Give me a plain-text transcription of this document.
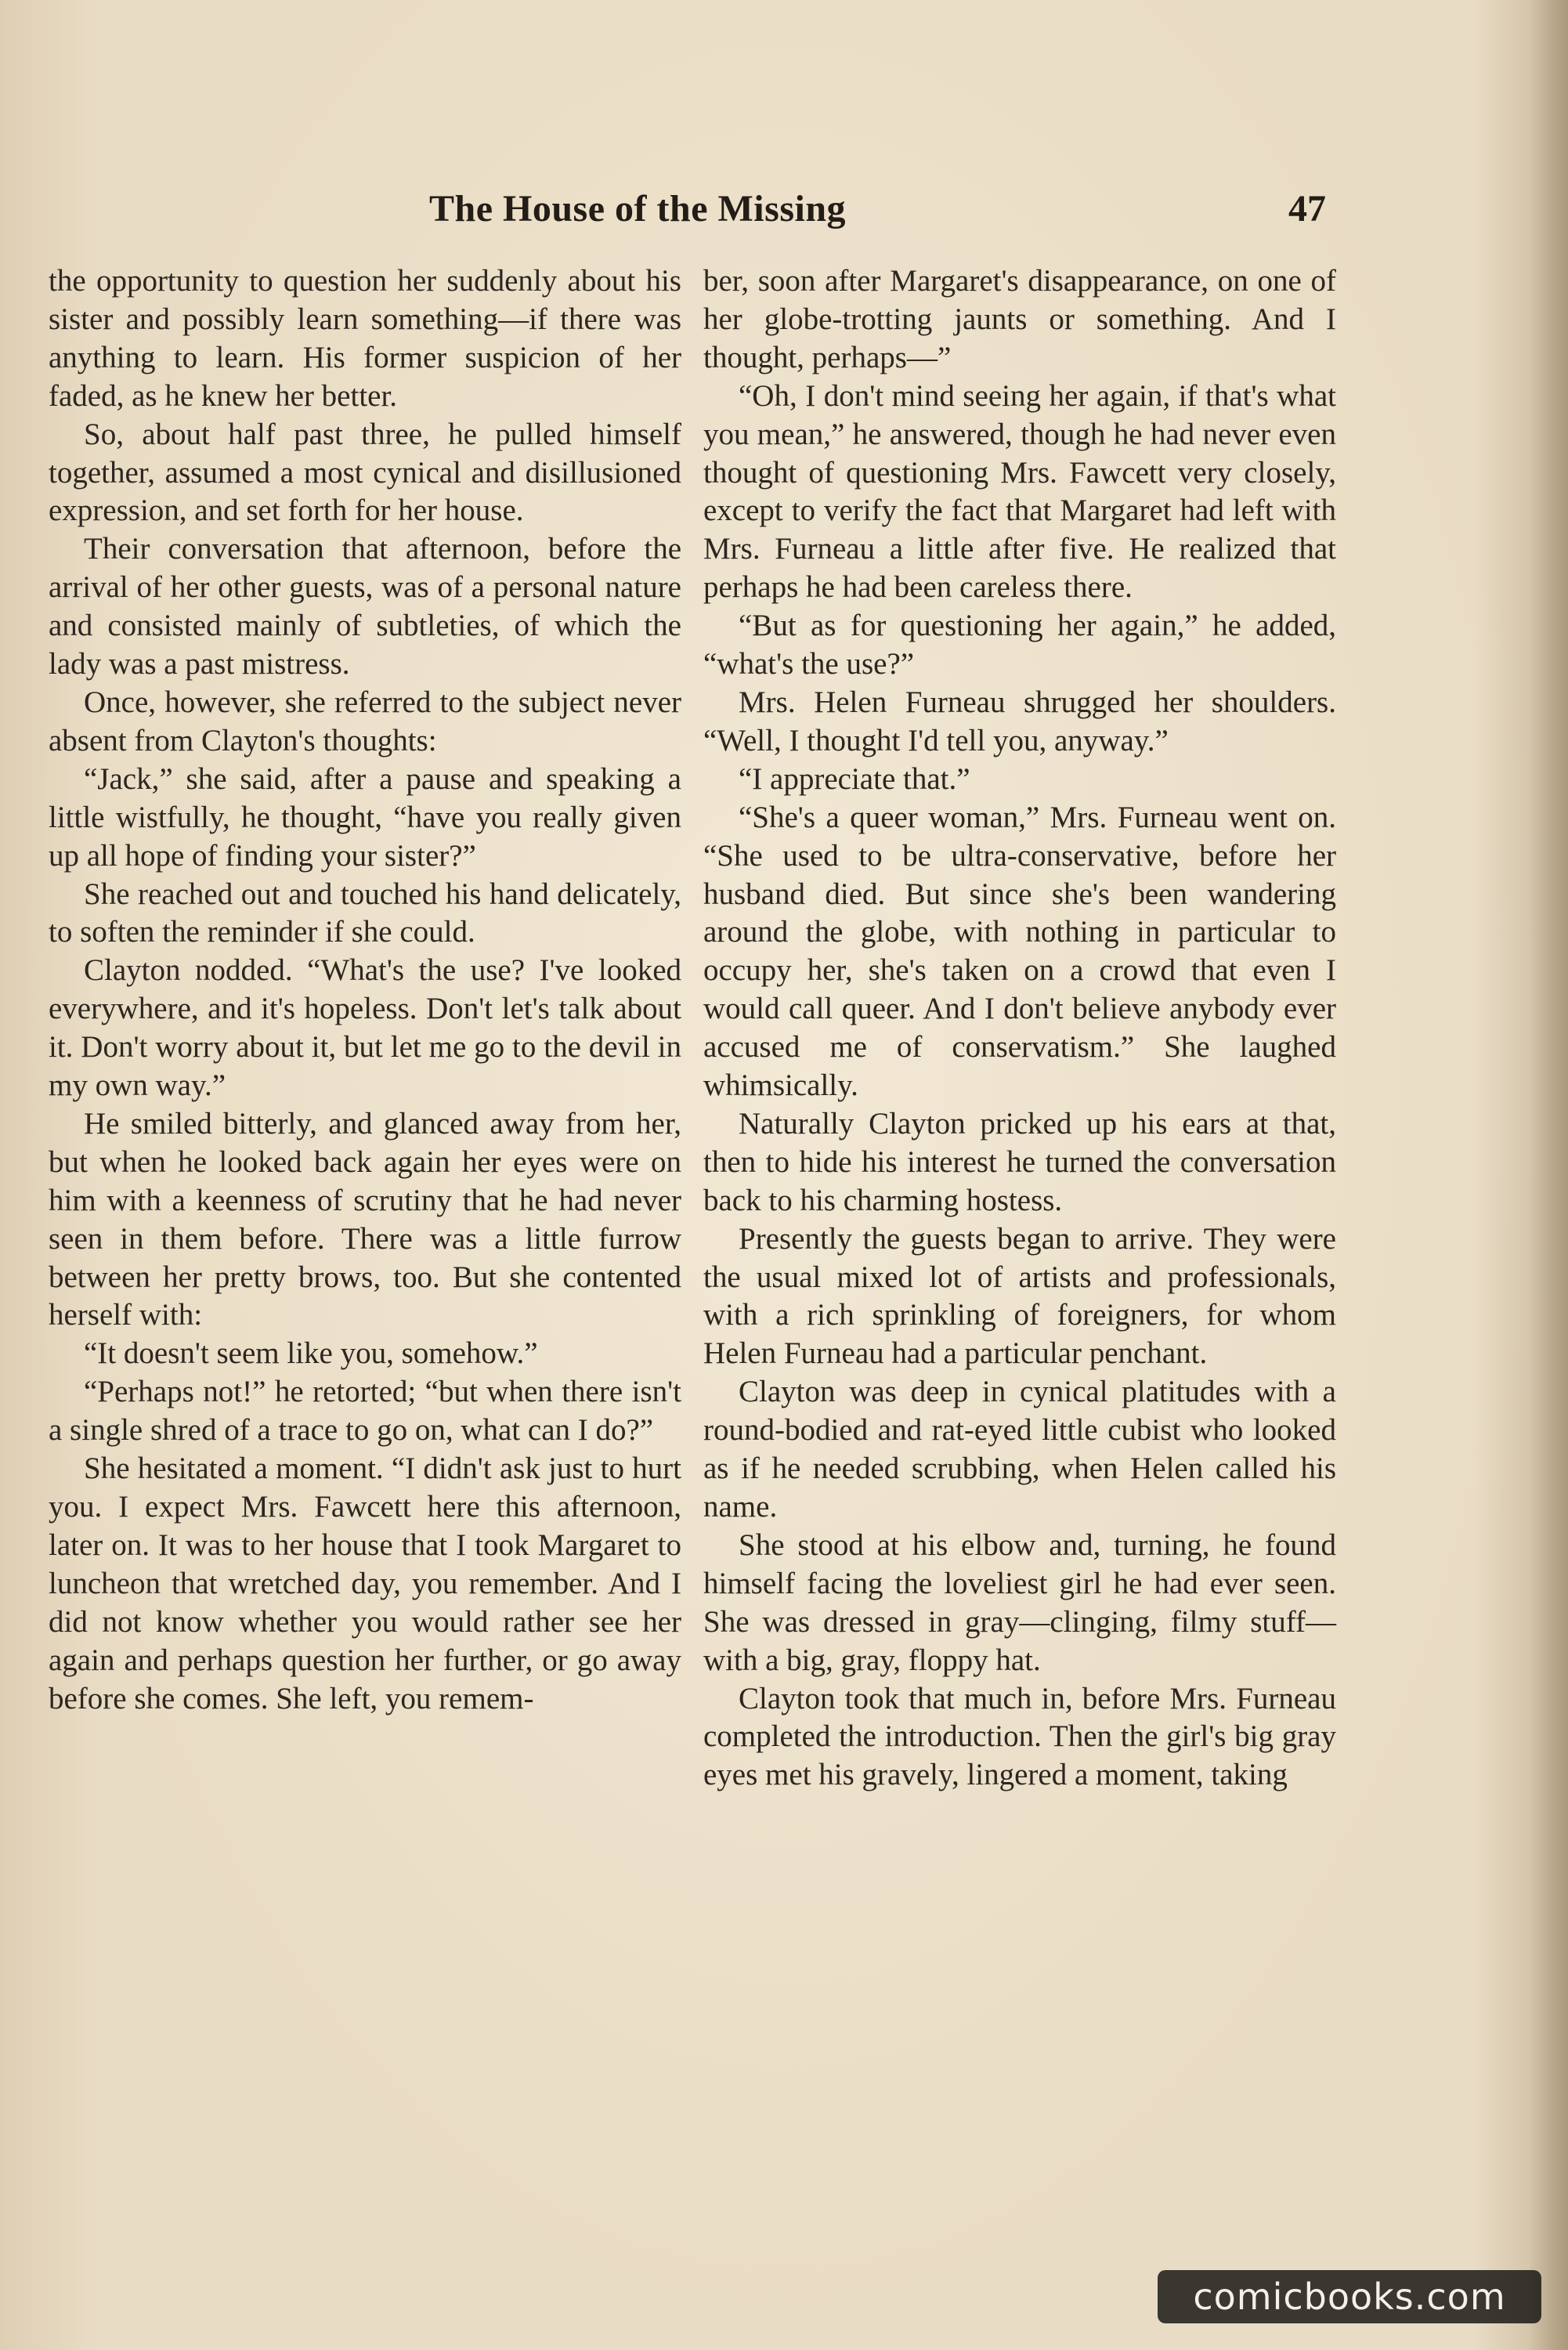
The House of the Missing	47

the opportunity to question her suddenly about his sister and possibly learn something—if there was anything to learn. His former suspicion of her faded, as he knew her better.

So, about half past three, he pulled himself together, assumed a most cynical and disillusioned expression, and set forth for her house.

Their conversation that afternoon, before the arrival of her other guests, was of a personal nature and consisted mainly of subtleties, of which the lady was a past mistress.

Once, however, she referred to the subject never absent from Clayton's thoughts:

“Jack,” she said, after a pause and speaking a little wistfully, he thought, “have you really given up all hope of finding your sister?”

She reached out and touched his hand delicately, to soften the reminder if she could.

Clayton nodded. “What's the use? I've looked everywhere, and it's hopeless. Don't let's talk about it. Don't worry about it, but let me go to the devil in my own way.”

He smiled bitterly, and glanced away from her, but when he looked back again her eyes were on him with a keenness of scrutiny that he had never seen in them before. There was a little furrow between her pretty brows, too. But she contented herself with:

“It doesn't seem like you, somehow.”

“Perhaps not!” he retorted; “but when there isn't a single shred of a trace to go on, what can I do?”

She hesitated a moment. “I didn't ask just to hurt you. I expect Mrs. Fawcett here this afternoon, later on. It was to her house that I took Margaret to luncheon that wretched day, you remember. And I did not know whether you would rather see her again and perhaps question her further, or go away before she comes. She left, you remem-

ber, soon after Margaret's disappearance, on one of her globe-trotting jaunts or something. And I thought, perhaps—”

“Oh, I don't mind seeing her again, if that's what you mean,” he answered, though he had never even thought of questioning Mrs. Fawcett very closely, except to verify the fact that Margaret had left with Mrs. Furneau a little after five. He realized that perhaps he had been careless there.

“But as for questioning her again,” he added, “what's the use?”

Mrs. Helen Furneau shrugged her shoulders. “Well, I thought I'd tell you, anyway.”

“I appreciate that.”

“She's a queer woman,” Mrs. Furneau went on. “She used to be ultra-conservative, before her husband died. But since she's been wandering around the globe, with nothing in particular to occupy her, she's taken on a crowd that even I would call queer. And I don't believe anybody ever accused me of conservatism.” She laughed whimsically.

Naturally Clayton pricked up his ears at that, then to hide his interest he turned the conversation back to his charming hostess.

Presently the guests began to arrive. They were the usual mixed lot of artists and professionals, with a rich sprinkling of foreigners, for whom Helen Furneau had a particular penchant.

Clayton was deep in cynical platitudes with a round-bodied and rat-eyed little cubist who looked as if he needed scrubbing, when Helen called his name.

She stood at his elbow and, turning, he found himself facing the loveliest girl he had ever seen. She was dressed in gray—clinging, filmy stuff—with a big, gray, floppy hat.

Clayton took that much in, before Mrs. Furneau completed the introduction. Then the girl's big gray eyes met his gravely, lingered a moment, taking

comicbooks.com
